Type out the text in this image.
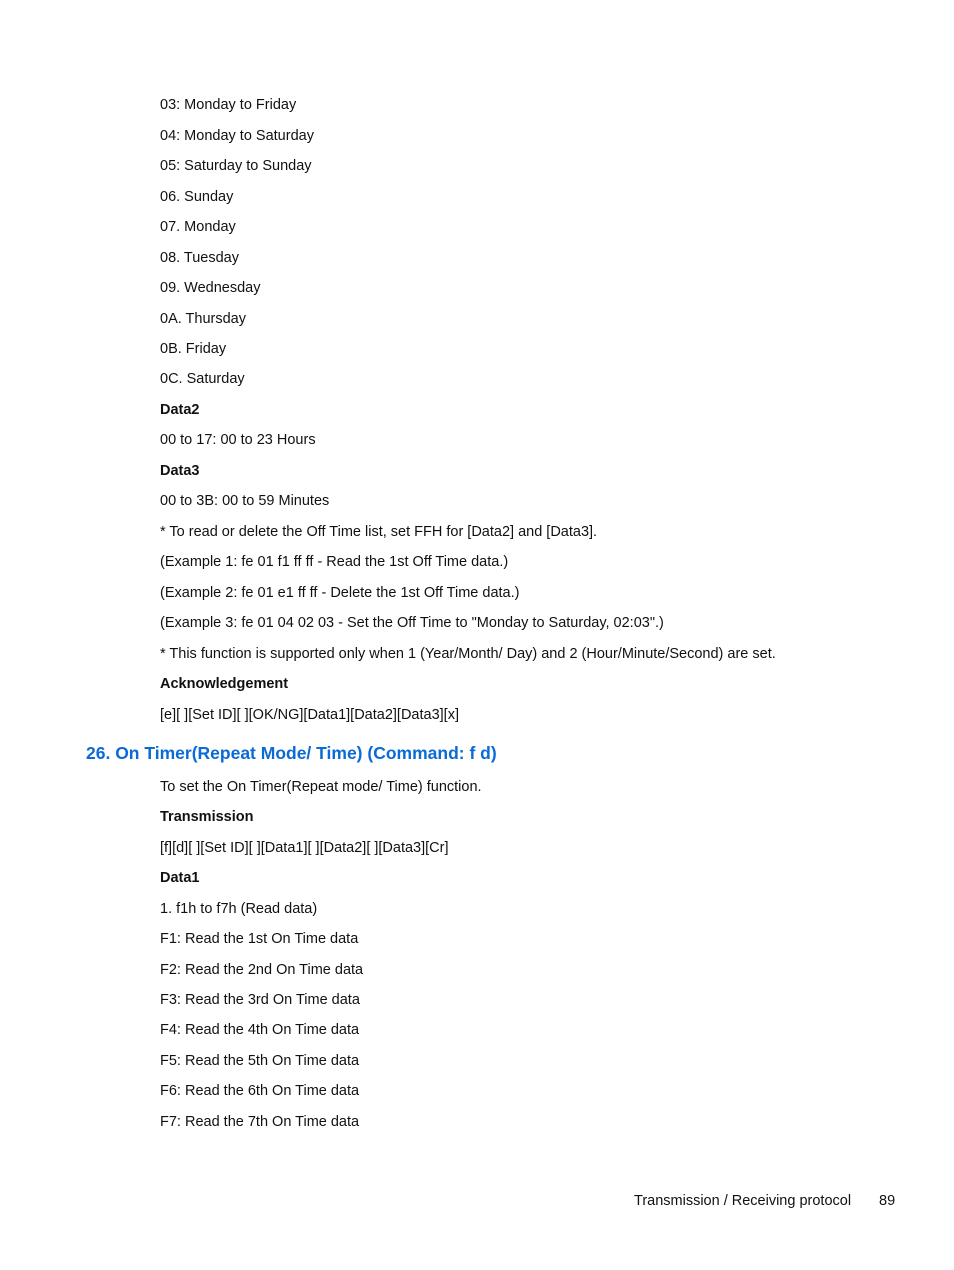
03: Monday to Friday
04: Monday to Saturday
05: Saturday to Sunday
06. Sunday
07. Monday
08. Tuesday
09. Wednesday
0A. Thursday
0B. Friday
0C. Saturday
Data2
00 to 17: 00 to 23 Hours
Data3
00 to 3B: 00 to 59 Minutes
* To read or delete the Off Time list, set FFH for [Data2] and [Data3].
(Example 1: fe 01 f1 ff ff - Read the 1st Off Time data.)
(Example 2: fe 01 e1 ff ff - Delete the 1st Off Time data.)
(Example 3: fe 01 04 02 03 - Set the Off Time to "Monday to Saturday, 02:03".)
* This function is supported only when 1 (Year/Month/ Day) and 2 (Hour/Minute/Second) are set.
Acknowledgement
[e][ ][Set ID][ ][OK/NG][Data1][Data2][Data3][x]
26. On Timer(Repeat Mode/ Time) (Command: f d)
To set the On Timer(Repeat mode/ Time) function.
Transmission
[f][d][ ][Set ID][ ][Data1][ ][Data2][ ][Data3][Cr]
Data1
1. f1h to f7h (Read data)
F1: Read the 1st On Time data
F2: Read the 2nd On Time data
F3: Read the 3rd On Time data
F4: Read the 4th On Time data
F5: Read the 5th On Time data
F6: Read the 6th On Time data
F7: Read the 7th On Time data
Transmission / Receiving protocol 89
